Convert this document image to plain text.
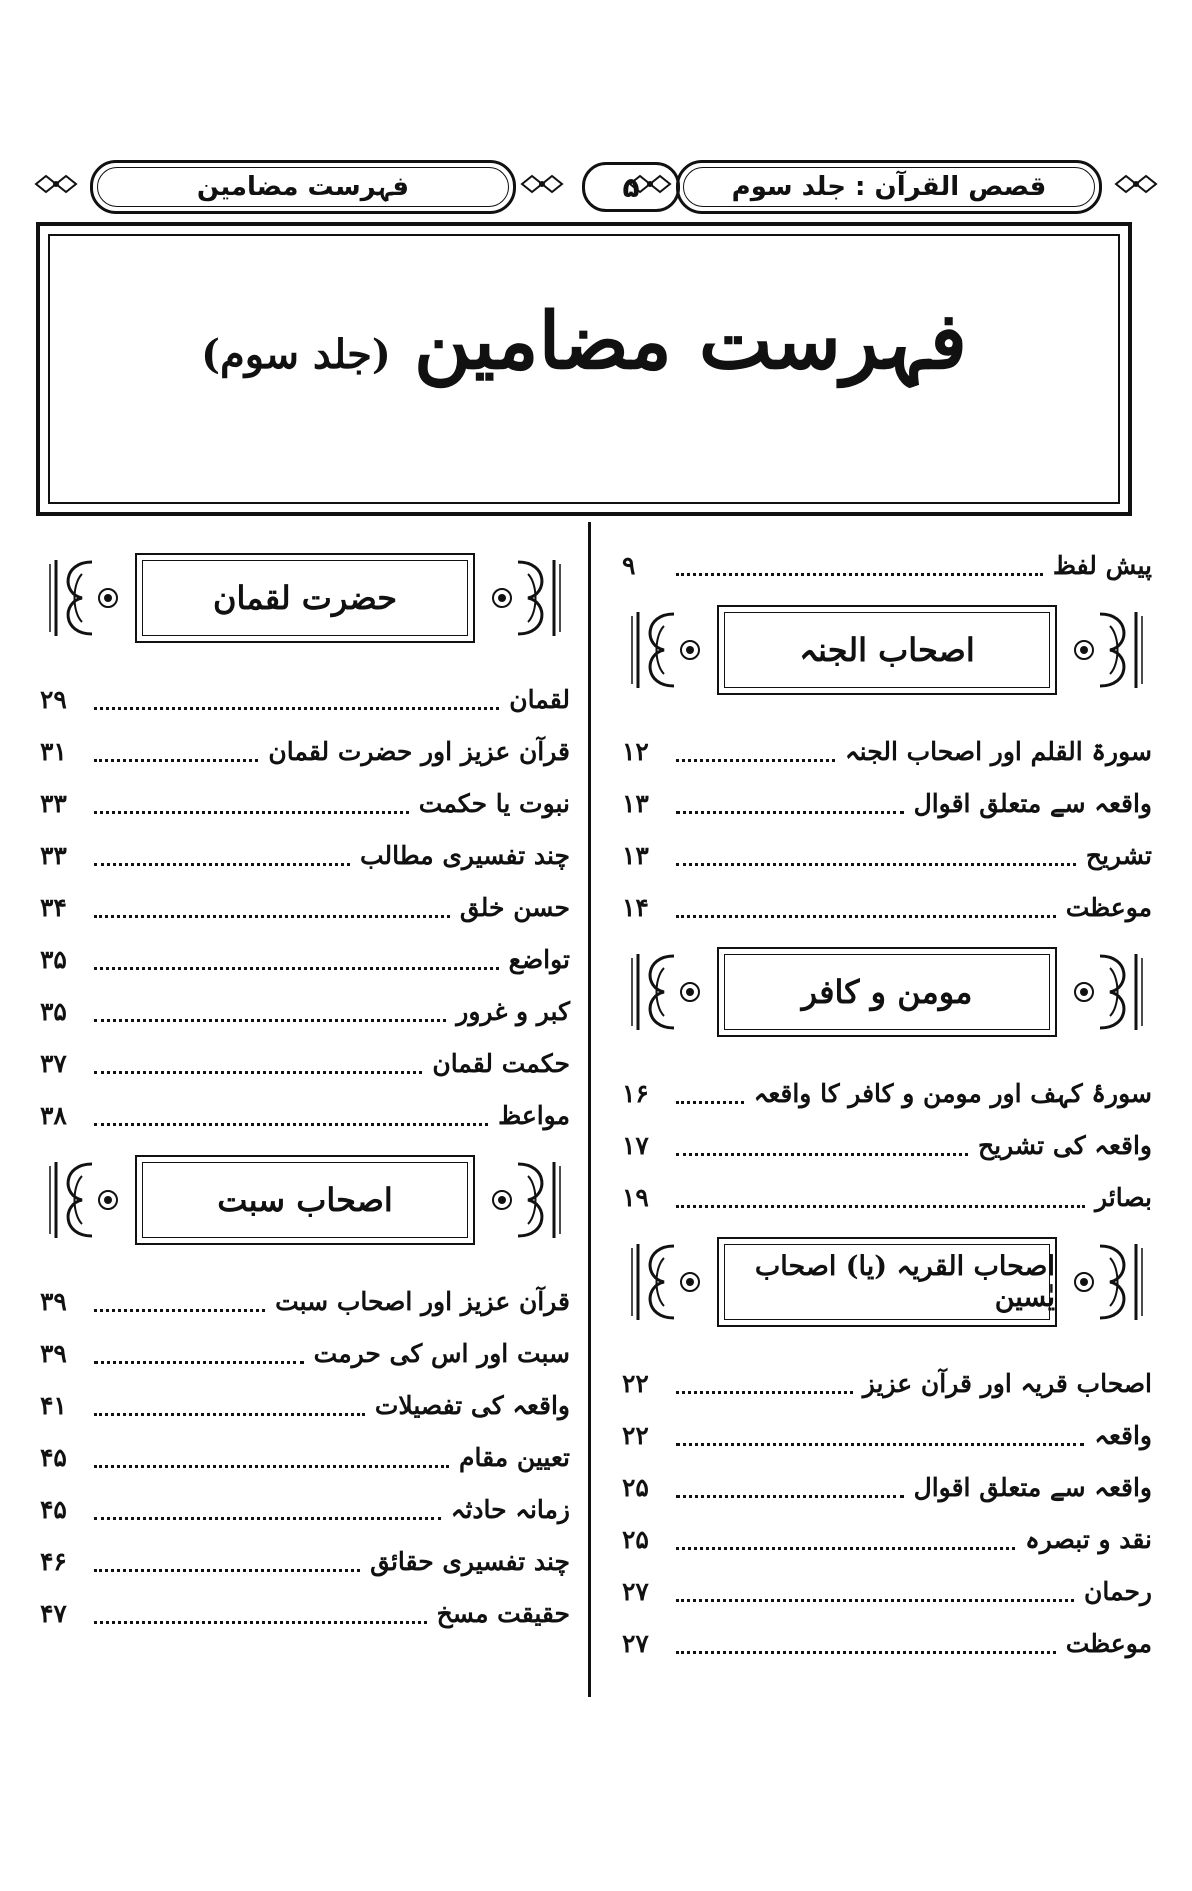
قصص القرآن : جلد سوم
۵
فہرست مضامین
فہرست مضامین (جلد سوم)
پیش لفظ
۹
اصحاب الجنہ
سورۃ القلم اور اصحاب الجنہ
۱۲
واقعہ سے متعلق اقوال
۱۳
تشریح
۱۳
موعظت
۱۴
مومن و کافر
سورۂ کہف اور مومن و کافر کا واقعہ
۱۶
واقعہ کی تشریح
۱۷
بصائر
۱۹
اصحاب القریہ (یا) اصحاب یٰسین
اصحاب قریہ اور قرآن عزیز
۲۲
واقعہ
۲۲
واقعہ سے متعلق اقوال
۲۵
نقد و تبصرہ
۲۵
رحمان
۲۷
موعظت
۲۷
حضرت لقمان
لقمان
۲۹
قرآن عزیز اور حضرت لقمان
۳۱
نبوت یا حکمت
۳۳
چند تفسیری مطالب
۳۳
حسن خلق
۳۴
تواضع
۳۵
کبر و غرور
۳۵
حکمت لقمان
۳۷
مواعظ
۳۸
اصحاب سبت
قرآن عزیز اور اصحاب سبت
۳۹
سبت اور اس کی حرمت
۳۹
واقعہ کی تفصیلات
۴۱
تعیین مقام
۴۵
زمانہ حادثہ
۴۵
چند تفسیری حقائق
۴۶
حقیقت مسخ
۴۷
